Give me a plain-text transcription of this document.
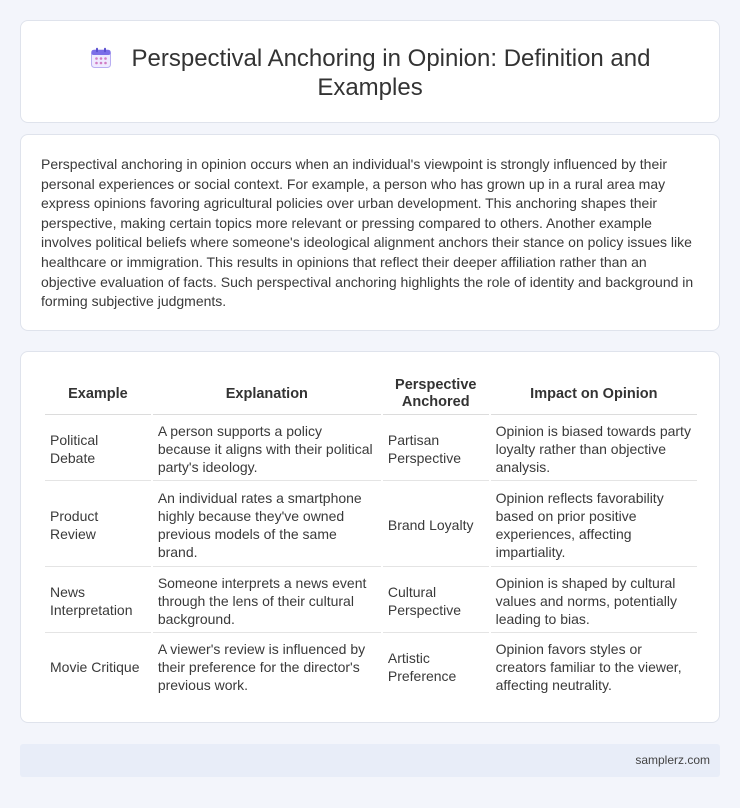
Perspectival Anchoring in Opinion: Definition and Examples

Perspectival anchoring in opinion occurs when an individual's viewpoint is strongly influenced by their personal experiences or social context. For example, a person who has grown up in a rural area may express opinions favoring agricultural policies over urban development. This anchoring shapes their perspective, making certain topics more relevant or pressing compared to others. Another example involves political beliefs where someone's ideological alignment anchors their stance on policy issues like healthcare or immigration. This results in opinions that reflect their deeper affiliation rather than an objective evaluation of facts. Such perspectival anchoring highlights the role of identity and background in forming subjective judgments.

Example	Explanation	Perspective Anchored	Impact on Opinion
Political Debate	A person supports a policy because it aligns with their political party's ideology.	Partisan Perspective	Opinion is biased towards party loyalty rather than objective analysis.
Product Review	An individual rates a smartphone highly because they've owned previous models of the same brand.	Brand Loyalty	Opinion reflects favorability based on prior positive experiences, affecting impartiality.
News Interpretation	Someone interprets a news event through the lens of their cultural background.	Cultural Perspective	Opinion is shaped by cultural values and norms, potentially leading to bias.
Movie Critique	A viewer's review is influenced by their preference for the director's previous work.	Artistic Preference	Opinion favors styles or creators familiar to the viewer, affecting neutrality.
samplerz.com
